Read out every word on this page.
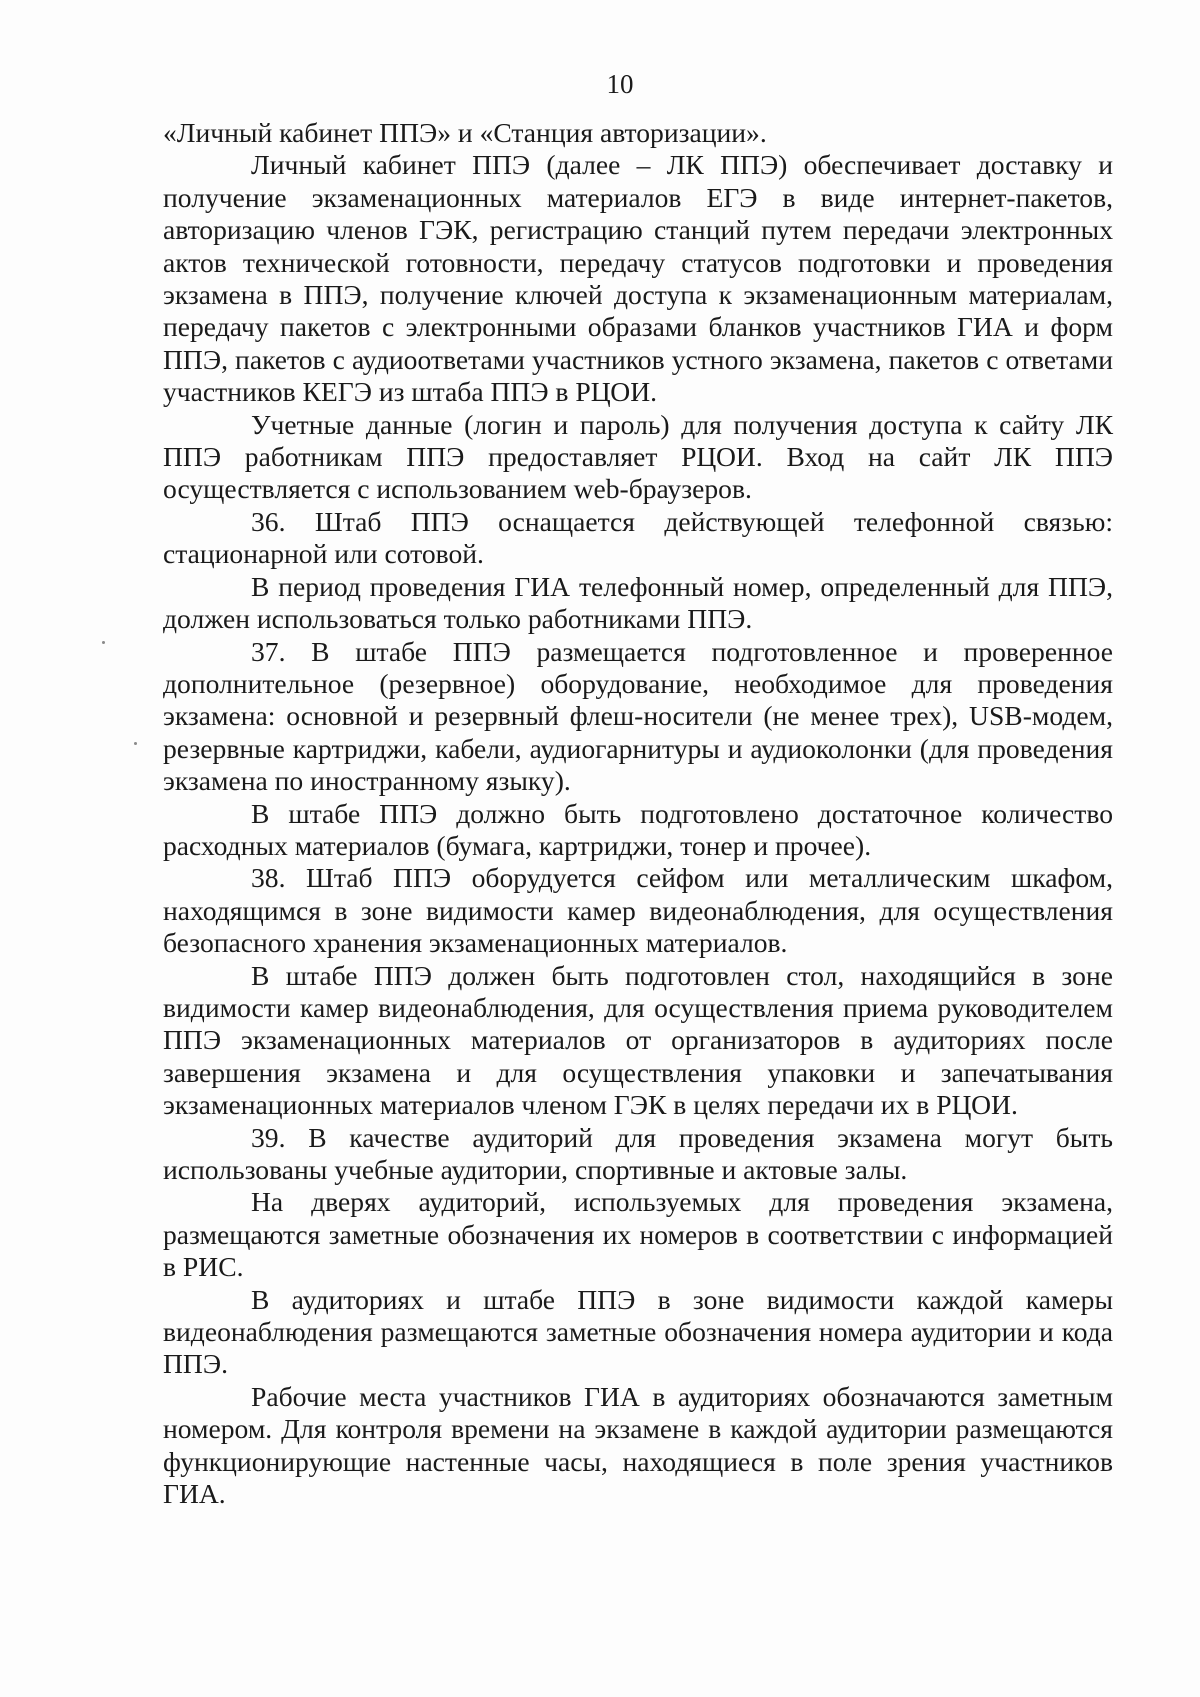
10

«Личный кабинет ППЭ» и «Станция авторизации».

Личный кабинет ППЭ (далее – ЛК ППЭ) обеспечивает доставку и получение экзаменационных материалов ЕГЭ в виде интернет-пакетов, авторизацию членов ГЭК, регистрацию станций путем передачи электронных актов технической готовности, передачу статусов подготовки и проведения экзамена в ППЭ, получение ключей доступа к экзаменационным материалам, передачу пакетов с электронными образами бланков участников ГИА и форм ППЭ, пакетов с аудиоответами участников устного экзамена, пакетов с ответами участников КЕГЭ из штаба ППЭ в РЦОИ.

Учетные данные (логин и пароль) для получения доступа к сайту ЛК ППЭ работникам ППЭ предоставляет РЦОИ. Вход на сайт ЛК ППЭ осуществляется с использованием web-браузеров.

36. Штаб ППЭ оснащается действующей телефонной связью: стационарной или сотовой.

В период проведения ГИА телефонный номер, определенный для ППЭ, должен использоваться только работниками ППЭ.

37. В штабе ППЭ размещается подготовленное и проверенное дополнительное (резервное) оборудование, необходимое для проведения экзамена: основной и резервный флеш-носители (не менее трех), USB-модем, резервные картриджи, кабели, аудиогарнитуры и аудиоколонки (для проведения экзамена по иностранному языку).

В штабе ППЭ должно быть подготовлено достаточное количество расходных материалов (бумага, картриджи, тонер и прочее).

38. Штаб ППЭ оборудуется сейфом или металлическим шкафом, находящимся в зоне видимости камер видеонаблюдения, для осуществления безопасного хранения экзаменационных материалов.

В штабе ППЭ должен быть подготовлен стол, находящийся в зоне видимости камер видеонаблюдения, для осуществления приема руководителем ППЭ экзаменационных материалов от организаторов в аудиториях после завершения экзамена и для осуществления упаковки и запечатывания экзаменационных материалов членом ГЭК в целях передачи их в РЦОИ.

39. В качестве аудиторий для проведения экзамена могут быть использованы учебные аудитории, спортивные и актовые залы.

На дверях аудиторий, используемых для проведения экзамена, размещаются заметные обозначения их номеров в соответствии с информацией в РИС.

В аудиториях и штабе ППЭ в зоне видимости каждой камеры видеонаблюдения размещаются заметные обозначения номера аудитории и кода ППЭ.

Рабочие места участников ГИА в аудиториях обозначаются заметным номером. Для контроля времени на экзамене в каждой аудитории размещаются функционирующие настенные часы, находящиеся в поле зрения участников ГИА.
